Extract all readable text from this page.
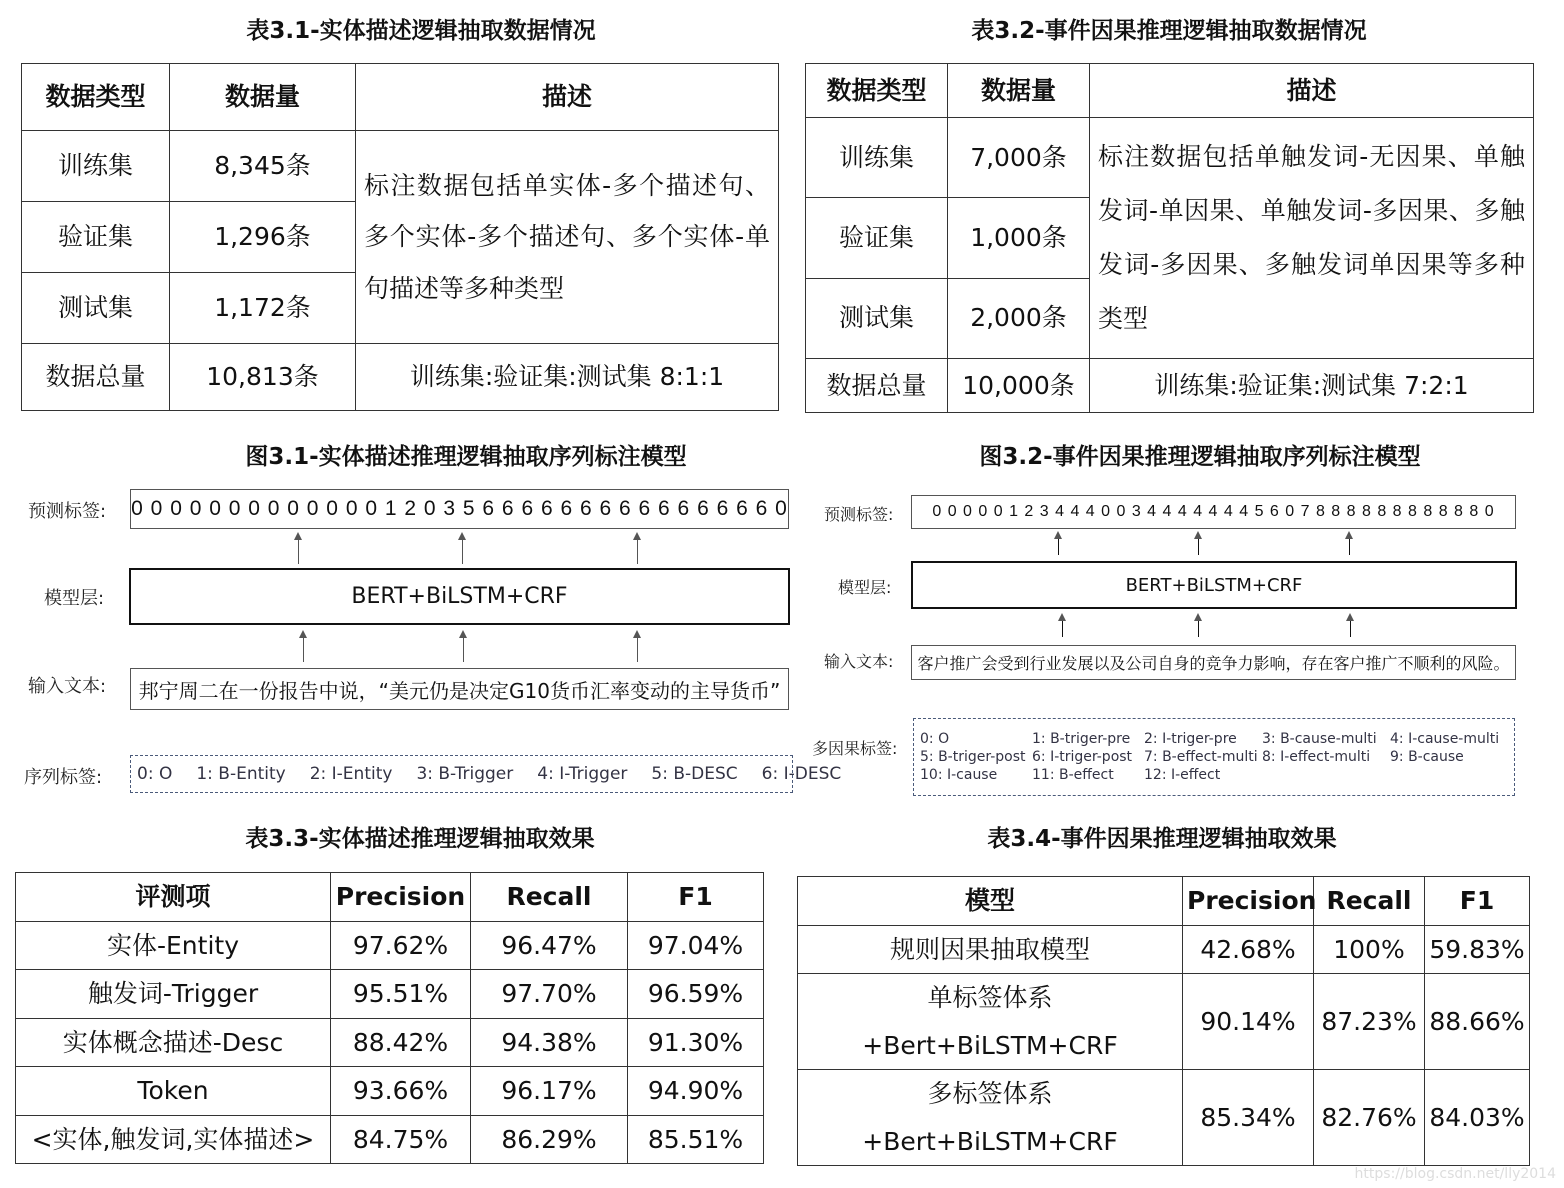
表3.1-实体描述逻辑抽取数据情况	表3.2-事件因果推理逻辑抽取数据情况
图3.1-实体描述推理逻辑抽取序列标注模型	图3.2-事件因果推理逻辑抽取序列标注模型
表3.3-实体描述推理逻辑抽取效果	表3.4-事件因果推理逻辑抽取效果
数据类型	数据量	描述
训练集	8,345条	标注数据包括单实体-多个描述句、多个实体-多个描述句、多个实体-单句描述等多种类型
验证集	1,296条	
测试集	1,172条	
数据总量	10,813条	训练集:验证集:测试集 8:1:1
数据类型	数据量	描述
训练集	7,000条	标注数据包括单触发词-无因果、单触发词-单因果、单触发词-多因果、多触发词-多因果、多触发词单因果等多种类型
验证集	1,000条	
测试集	2,000条	
数据总量	10,000条	训练集:验证集:测试集 7:2:1
预测标签: 0 0 0 0 0 0 0 0 0 0 0 0 0 1 2 0 3 5 6 6 6 6 6 6 6 6 6 6 6 6 6 6 6 0
模型层:	BERT+BiLSTM+CRF
输入文本:	邦宁周二在一份报告中说，“美元仍是决定G10货币汇率变动的主导货币”
序列标签: 0: O 1: B-Entity 2: I-Entity 3: B-Trigger 4: I-Trigger 5: B-DESC 6: I-DESC
预测标签:	0 0 0 0 0 1 2 3 4 4 4 0 0 3 4 4 4 4 4 4 4 5 6 0 7 8 8 8 8 8 8 8 8 8 8 8 0
模型层:	BERT+BiLSTM+CRF
输入文本:	客户推广会受到行业发展以及公司自身的竞争力影响，存在客户推广不顺利的风险。
多因果标签: 0: O	1: B-triger-pre 2: I-triger-pre	3: B-cause-multi 4: I-cause-multi
5: B-triger-post 6: I-triger-post 7: B-effect-multi 8: I-effect-multi	9: B-cause
10: I-cause	11: B-effect	12: I-effect
评测项	Precision	Recall	F1
实体-Entity	97.62%	96.47%	97.04%
触发词-Trigger	95.51%	97.70%	96.59%
实体概念描述-Desc	88.42%	94.38%	91.30%
Token	93.66%	96.17%	94.90%
<实体,触发词,实体描述>	84.75%	86.29%	85.51%
模型	Precision	Recall	F1
规则因果抽取模型	42.68%	100%	59.83%
单标签体系+Bert+BiLSTM+CRF	90.14%	87.23%	88.66%
多标签体系+Bert+BiLSTM+CRF	85.34%	82.76%	84.03%
https://blog.csdn.net/lly2014
